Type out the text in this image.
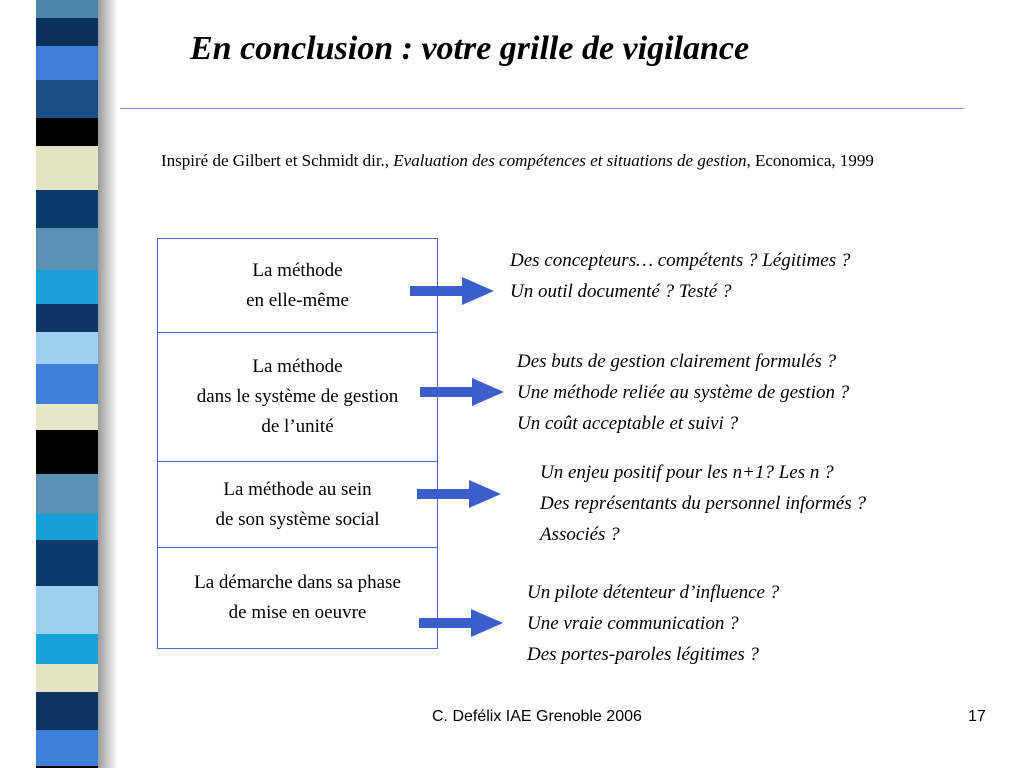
En conclusion : votre grille de vigilance
Inspiré de Gilbert et Schmidt dir., Evaluation des compétences et situations de gestion, Economica, 1999
La méthode
en elle-même
La méthode
dans le système de gestion
de l’unité
La méthode au sein
de son système social
La démarche dans sa phase
de mise en oeuvre
Des concepteurs… compétents ? Légitimes ?
Un outil documenté ? Testé ?
Des buts de gestion clairement formulés ?
Une méthode reliée au système de gestion ?
Un coût acceptable et suivi ?
Un enjeu positif pour les n+1? Les n ?
Des représentants du personnel informés ?
Associés ?
Un pilote détenteur d’influence ?
Une vraie communication ?
Des portes-paroles légitimes ?
C. Defélix IAE Grenoble 2006	17
